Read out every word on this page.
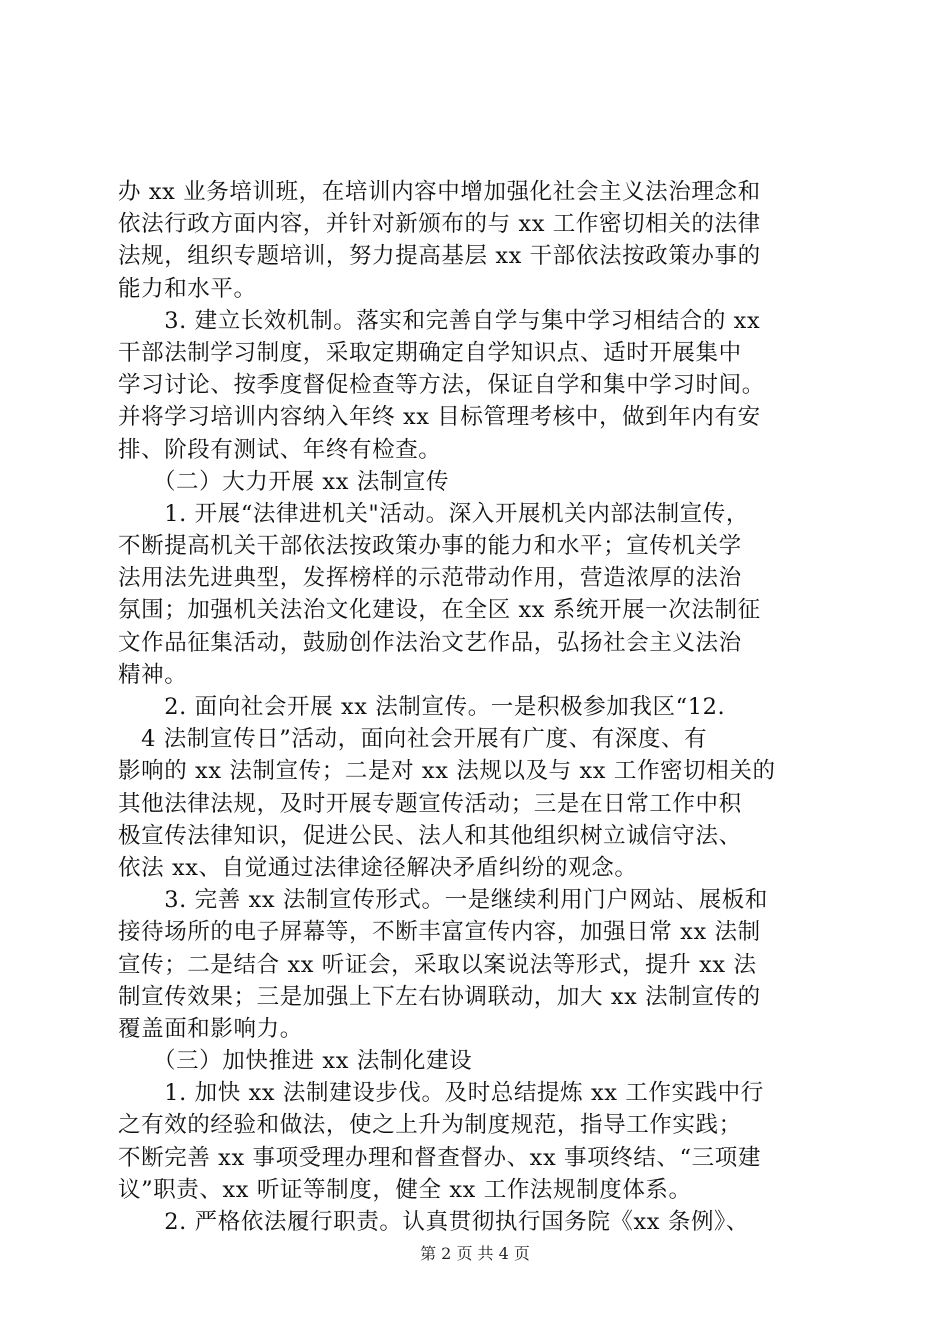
办 xx 业务培训班，在培训内容中增加强化社会主义法治理念和
依法行政方面内容，并针对新颁布的与 xx 工作密切相关的法律
法规，组织专题培训，努力提高基层 xx 干部依法按政策办事的
能力和水平。
　　3. 建立长效机制。落实和完善自学与集中学习相结合的 xx
干部法制学习制度，采取定期确定自学知识点、适时开展集中
学习讨论、按季度督促检查等方法，保证自学和集中学习时间。
并将学习培训内容纳入年终 xx 目标管理考核中，做到年内有安
排、阶段有测试、年终有检查。
　　（二）大力开展 xx 法制宣传
　　1. 开展“法律进机关"活动。深入开展机关内部法制宣传，
不断提高机关干部依法按政策办事的能力和水平；宣传机关学
法用法先进典型，发挥榜样的示范带动作用，营造浓厚的法治
氛围；加强机关法治文化建设，在全区 xx 系统开展一次法制征
文作品征集活动，鼓励创作法治文艺作品，弘扬社会主义法治
精神。
　　2. 面向社会开展 xx 法制宣传。一是积极参加我区“12.
　4 法制宣传日”活动，面向社会开展有广度、有深度、有
影响的 xx 法制宣传；二是对 xx 法规以及与 xx 工作密切相关的
其他法律法规，及时开展专题宣传活动；三是在日常工作中积
极宣传法律知识，促进公民、法人和其他组织树立诚信守法、
依法 xx、自觉通过法律途径解决矛盾纠纷的观念。
　　3. 完善 xx 法制宣传形式。一是继续利用门户网站、展板和
接待场所的电子屏幕等，不断丰富宣传内容，加强日常 xx 法制
宣传；二是结合 xx 听证会，采取以案说法等形式，提升 xx 法
制宣传效果；三是加强上下左右协调联动，加大 xx 法制宣传的
覆盖面和影响力。
　　（三）加快推进 xx 法制化建设
　　1. 加快 xx 法制建设步伐。及时总结提炼 xx 工作实践中行
之有效的经验和做法，使之上升为制度规范，指导工作实践；
不断完善 xx 事项受理办理和督查督办、xx 事项终结、“三项建
议”职责、xx 听证等制度，健全 xx 工作法规制度体系。
　　2. 严格依法履行职责。认真贯彻执行国务院《xx 条例》、
第 2 页 共 4 页
